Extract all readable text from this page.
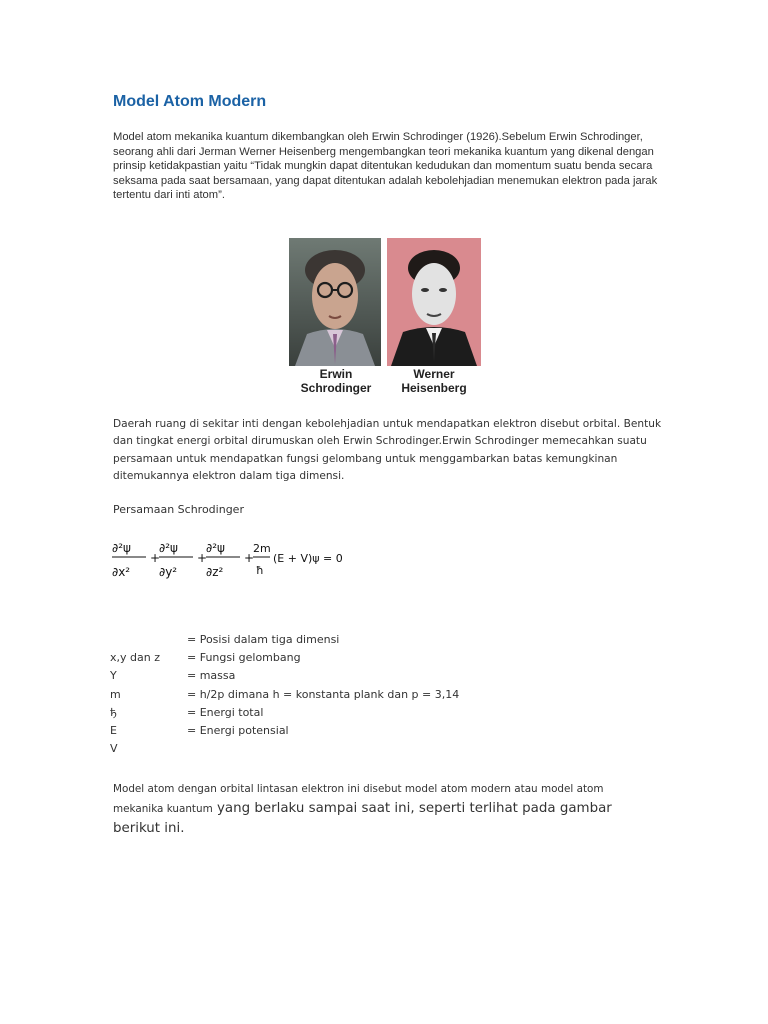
Model Atom Modern
Model atom mekanika kuantum dikembangkan oleh Erwin Schrodinger (1926).Sebelum Erwin Schrodinger, seorang ahli dari Jerman Werner Heisenberg mengembangkan teori mekanika kuantum yang dikenal dengan prinsip ketidakpastian yaitu “Tidak mungkin dapat ditentukan kedudukan dan momentum suatu benda secara seksama pada saat bersamaan, yang dapat ditentukan adalah kebolehjadian menemukan elektron pada jarak tertentu dari inti atom”.
Erwin
Schrodinger
Werner
Heisenberg
Daerah ruang di sekitar inti dengan kebolehjadian untuk mendapatkan elektron disebut orbital. Bentuk dan tingkat energi orbital dirumuskan oleh Erwin Schrodinger.Erwin Schrodinger memecahkan suatu persamaan untuk mendapatkan fungsi gelombang untuk menggambarkan batas kemungkinan ditemukannya elektron dalam tiga dimensi.
Persamaan Schrodinger
∂²ψ
∂x²
+
∂²ψ
∂y²
+
∂²ψ
∂z²
+
2m
ħ
(E + V)ψ = 0
x,y dan z
Y
m
ђ
E
V
= Posisi dalam tiga dimensi
= Fungsi gelombang
= massa
= h/2p dimana h = konstanta plank dan p = 3,14
= Energi total
= Energi potensial
Model atom dengan orbital lintasan elektron ini disebut model atom modern atau model atom mekanika kuantum yang berlaku sampai saat ini, seperti terlihat pada gambar berikut ini.
